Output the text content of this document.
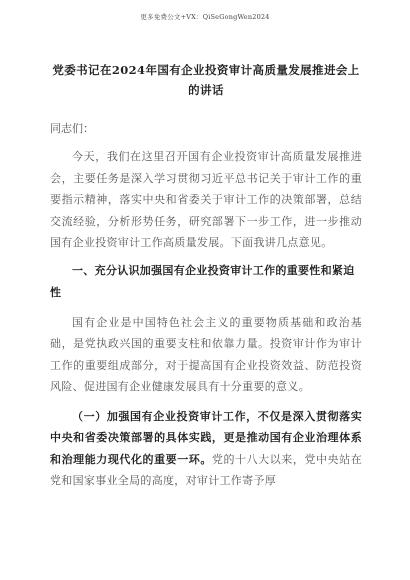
更多免费公文+VX：QiSeGongWen2024
党委书记在2024年国有企业投资审计高质量发展推进会上的讲话
同志们：
今天，我们在这里召开国有企业投资审计高质量发展推进会，主要任务是深入学习贯彻习近平总书记关于审计工作的重要指示精神，落实中央和省委关于审计工作的决策部署，总结交流经验，分析形势任务，研究部署下一步工作，进一步推动国有企业投资审计工作高质量发展。下面我讲几点意见。
一、充分认识加强国有企业投资审计工作的重要性和紧迫性
国有企业是中国特色社会主义的重要物质基础和政治基础，是党执政兴国的重要支柱和依靠力量。投资审计作为审计工作的重要组成部分，对于提高国有企业投资效益、防范投资风险、促进国有企业健康发展具有十分重要的意义。
（一）加强国有企业投资审计工作，不仅是深入贯彻落实中央和省委决策部署的具体实践，更是推动国有企业治理体系和治理能力现代化的重要一环。党的十八大以来，党中央站在党和国家事业全局的高度，对审计工作寄予厚
